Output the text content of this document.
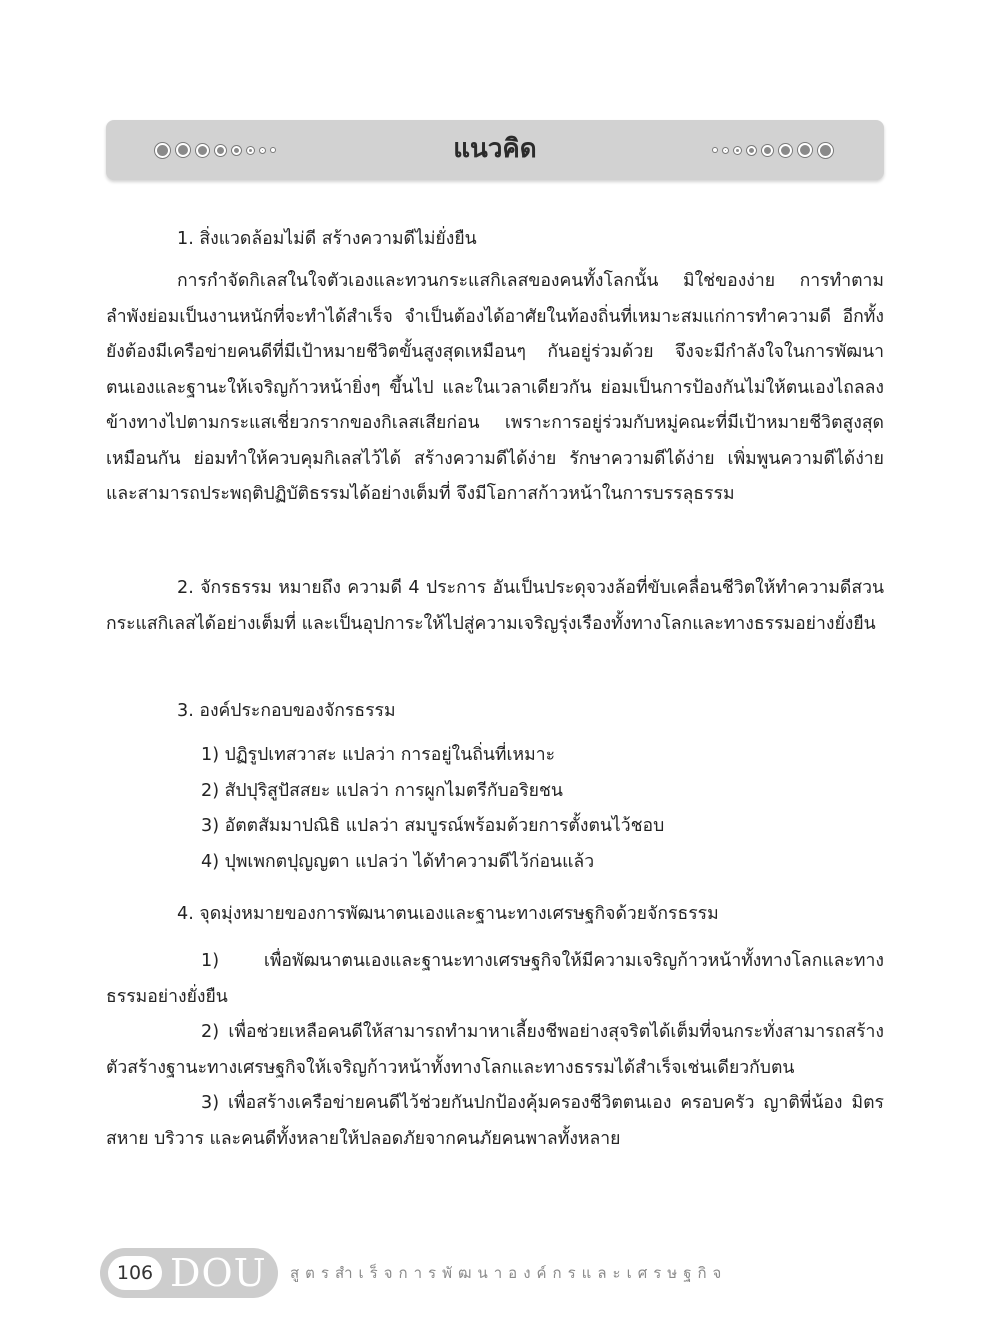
แนวคิด

1. สิ่งแวดล้อมไม่ดี สร้างความดีไม่ยั่งยืน

การกำจัดกิเลสในใจตัวเองและทวนกระแสกิเลสของคนทั้งโลกนั้น มิใช่ของง่าย การทำตามลำพังย่อมเป็นงานหนักที่จะทำได้สำเร็จ จำเป็นต้องได้อาศัยในท้องถิ่นที่เหมาะสมแก่การทำความดี อีกทั้งยังต้องมีเครือข่ายคนดีที่มีเป้าหมายชีวิตขั้นสูงสุดเหมือนๆ กันอยู่ร่วมด้วย จึงจะมีกำลังใจในการพัฒนาตนเองและฐานะให้เจริญก้าวหน้ายิ่งๆ ขึ้นไป และในเวลาเดียวกัน ย่อมเป็นการป้องกันไม่ให้ตนเองไถลลงข้างทางไปตามกระแสเชี่ยวกรากของกิเลสเสียก่อน เพราะการอยู่ร่วมกับหมู่คณะที่มีเป้าหมายชีวิตสูงสุดเหมือนกัน ย่อมทำให้ควบคุมกิเลสไว้ได้ สร้างความดีได้ง่าย รักษาความดีได้ง่าย เพิ่มพูนความดีได้ง่าย และสามารถประพฤติปฏิบัติธรรมได้อย่างเต็มที่ จึงมีโอกาสก้าวหน้าในการบรรลุธรรม

2. จักรธรรม หมายถึง ความดี 4 ประการ อันเป็นประดุจวงล้อที่ขับเคลื่อนชีวิตให้ทำความดีสวนกระแสกิเลสได้อย่างเต็มที่ และเป็นอุปการะให้ไปสู่ความเจริญรุ่งเรืองทั้งทางโลกและทางธรรมอย่างยั่งยืน

3. องค์ประกอบของจักรธรรม

1) ปฏิรูปเทสวาสะ แปลว่า การอยู่ในถิ่นที่เหมาะ

2) สัปปุริสูปัสสยะ แปลว่า การผูกไมตรีกับอริยชน

3) อัตตสัมมาปณิธิ แปลว่า สมบูรณ์พร้อมด้วยการตั้งตนไว้ชอบ

4) ปุพเพกตปุญญตา แปลว่า ได้ทำความดีไว้ก่อนแล้ว

4. จุดมุ่งหมายของการพัฒนาตนเองและฐานะทางเศรษฐกิจด้วยจักรธรรม

1) เพื่อพัฒนาตนเองและฐานะทางเศรษฐกิจให้มีความเจริญก้าวหน้าทั้งทางโลกและทางธรรมอย่างยั่งยืน

2) เพื่อช่วยเหลือคนดีให้สามารถทำมาหาเลี้ยงชีพอย่างสุจริตได้เต็มที่จนกระทั่งสามารถสร้างตัวสร้างฐานะทางเศรษฐกิจให้เจริญก้าวหน้าทั้งทางโลกและทางธรรมได้สำเร็จเช่นเดียวกับตน

3) เพื่อสร้างเครือข่ายคนดีไว้ช่วยกันปกป้องคุ้มครองชีวิตตนเอง ครอบครัว ญาติพี่น้อง มิตรสหาย บริวาร และคนดีทั้งหลายให้ปลอดภัยจากคนภัยคนพาลทั้งหลาย

106 DOU สูตรสำเร็จการพัฒนาองค์กรและเศรษฐกิจ
